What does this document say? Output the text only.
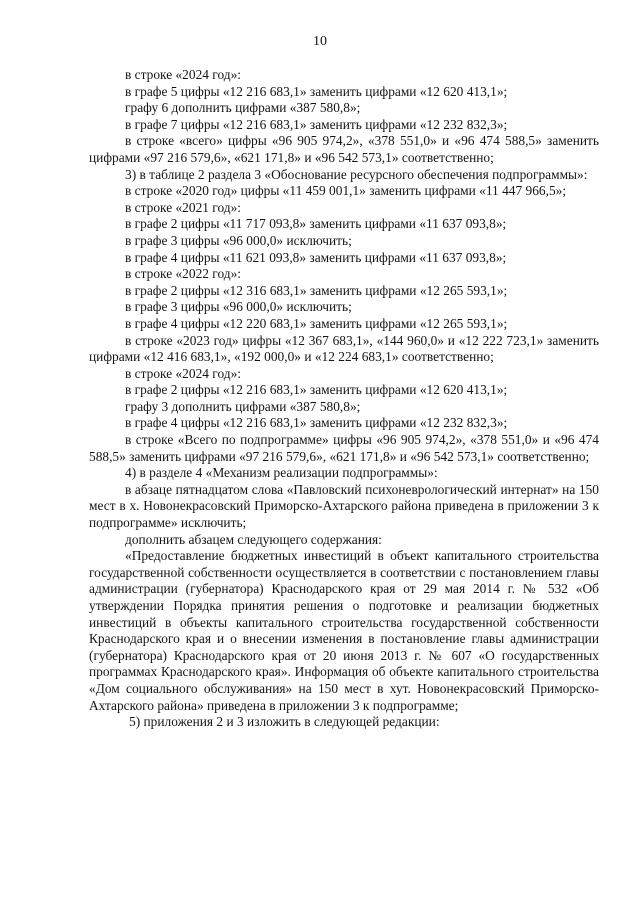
10

в строке «2024 год»:

в графе 5 цифры «12 216 683,1» заменить цифрами «12 620 413,1»;

графу 6 дополнить цифрами «387 580,8»;

в графе 7 цифры «12 216 683,1» заменить цифрами «12 232 832,3»;

в строке «всего» цифры «96 905 974,2», «378 551,0» и «96 474 588,5» заменить цифрами «97 216 579,6», «621 171,8» и «96 542 573,1» соответственно;

3) в таблице 2 раздела 3 «Обоснование ресурсного обеспечения подпрограммы»:

в строке «2020 год» цифры «11 459 001,1» заменить цифрами «11 447 966,5»;

в строке «2021 год»:

в графе 2 цифры «11 717 093,8» заменить цифрами «11 637 093,8»;

в графе 3 цифры «96 000,0» исключить;

в графе 4 цифры «11 621 093,8» заменить цифрами «11 637 093,8»;

в строке «2022 год»:

в графе 2 цифры «12 316 683,1» заменить цифрами «12 265 593,1»;

в графе 3 цифры «96 000,0» исключить;

в графе 4 цифры «12 220 683,1» заменить цифрами «12 265 593,1»;

в строке «2023 год» цифры «12 367 683,1», «144 960,0» и «12 222 723,1» заменить цифрами «12 416 683,1», «192 000,0» и «12 224 683,1» соответственно;

в строке «2024 год»:

в графе 2 цифры «12 216 683,1» заменить цифрами «12 620 413,1»;

графу 3 дополнить цифрами «387 580,8»;

в графе 4 цифры «12 216 683,1» заменить цифрами «12 232 832,3»;

в строке «Всего по подпрограмме» цифры «96 905 974,2», «378 551,0» и «96 474 588,5» заменить цифрами «97 216 579,6», «621 171,8» и «96 542 573,1» соответственно;

4) в разделе 4 «Механизм реализации подпрограммы»:

в абзаце пятнадцатом слова «Павловский психоневрологический интернат» на 150 мест в х. Новонекрасовский Приморско-Ахтарского района приведена в приложении 3 к подпрограмме» исключить;

дополнить абзацем следующего содержания:

«Предоставление бюджетных инвестиций в объект капитального строительства государственной собственности осуществляется в соответствии с постановлением главы администрации (губернатора) Краснодарского края от 29 мая 2014 г. № 532 «Об утверждении Порядка принятия решения о подготовке и реализации бюджетных инвестиций в объекты капитального строительства государственной собственности Краснодарского края и о внесении изменения в постановление главы администрации (губернатора) Краснодарского края от 20 июня 2013 г. № 607 «О государственных программах Краснодарского края». Информация об объекте капитального строительства «Дом социального обслуживания» на 150 мест в хут. Новонекрасовский Приморско-Ахтарского района» приведена в приложении 3 к подпрограмме;

5) приложения 2 и 3 изложить в следующей редакции:
